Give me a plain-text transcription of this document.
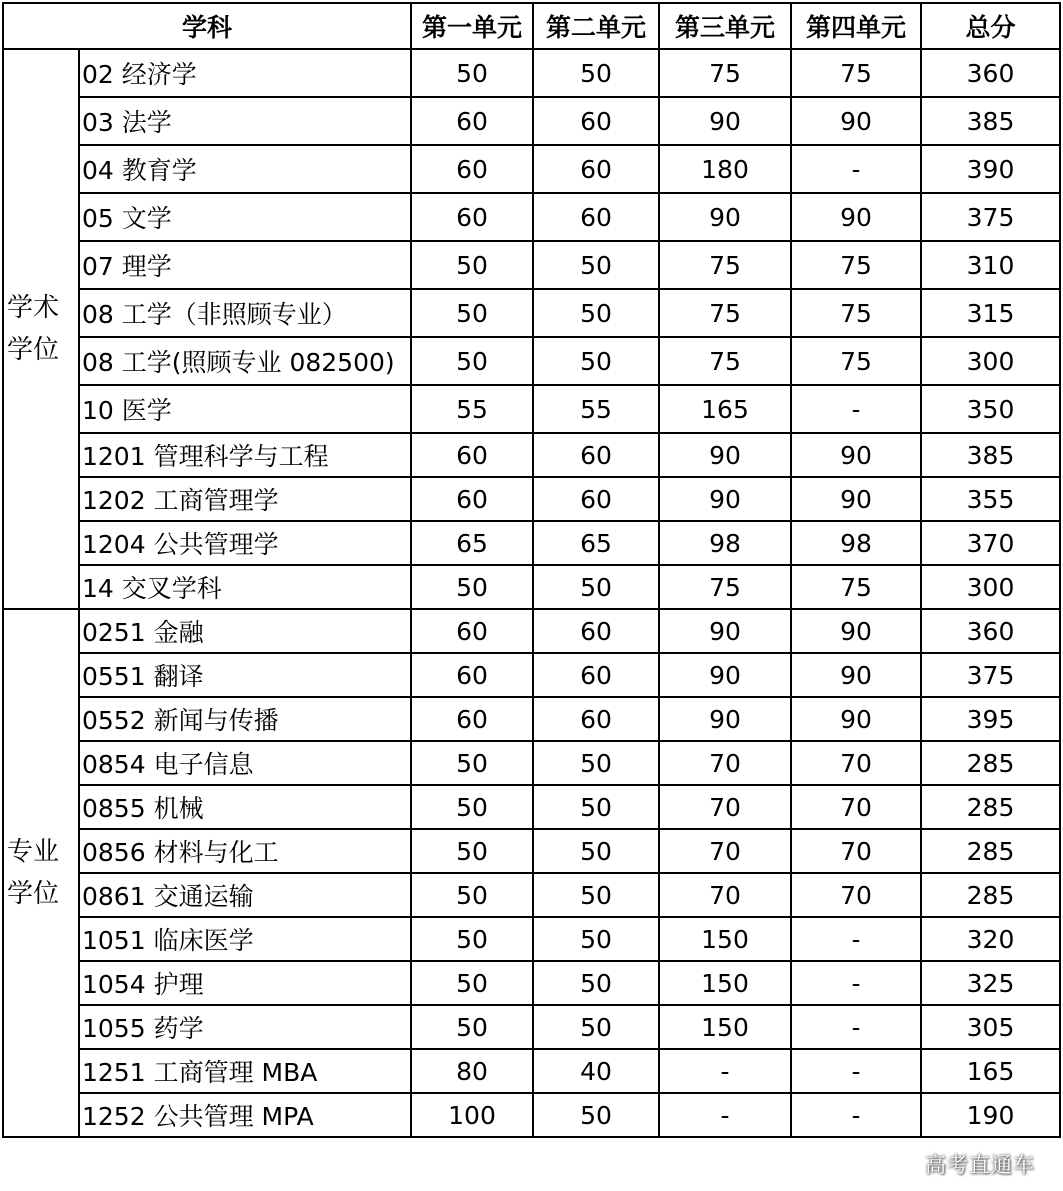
学科		第一单元	第二单元	第三单元	第四单元	总分
学术学位	02 经济学	50	50	75	75	360
	03 法学	60	60	90	90	385
	04 教育学	60	60	180	-	390
	05 文学	60	60	90	90	375
	07 理学	50	50	75	75	310
	08 工学（非照顾专业）	50	50	75	75	315
	08 工学(照顾专业 082500)	50	50	75	75	300
	10 医学	55	55	165	-	350
	1201 管理科学与工程	60	60	90	90	385
	1202 工商管理学	60	60	90	90	355
	1204 公共管理学	65	65	98	98	370
	14 交叉学科	50	50	75	75	300
专业学位	0251 金融	60	60	90	90	360
	0551 翻译	60	60	90	90	375
	0552 新闻与传播	60	60	90	90	395
	0854 电子信息	50	50	70	70	285
	0855 机械	50	50	70	70	285
	0856 材料与化工	50	50	70	70	285
	0861 交通运输	50	50	70	70	285
	1051 临床医学	50	50	150	-	320
	1054 护理	50	50	150	-	325
	1055 药学	50	50	150	-	305
	1251 工商管理 MBA	80	40	-	-	165
	1252 公共管理 MPA	100	50	-	-	190
高考直通车
